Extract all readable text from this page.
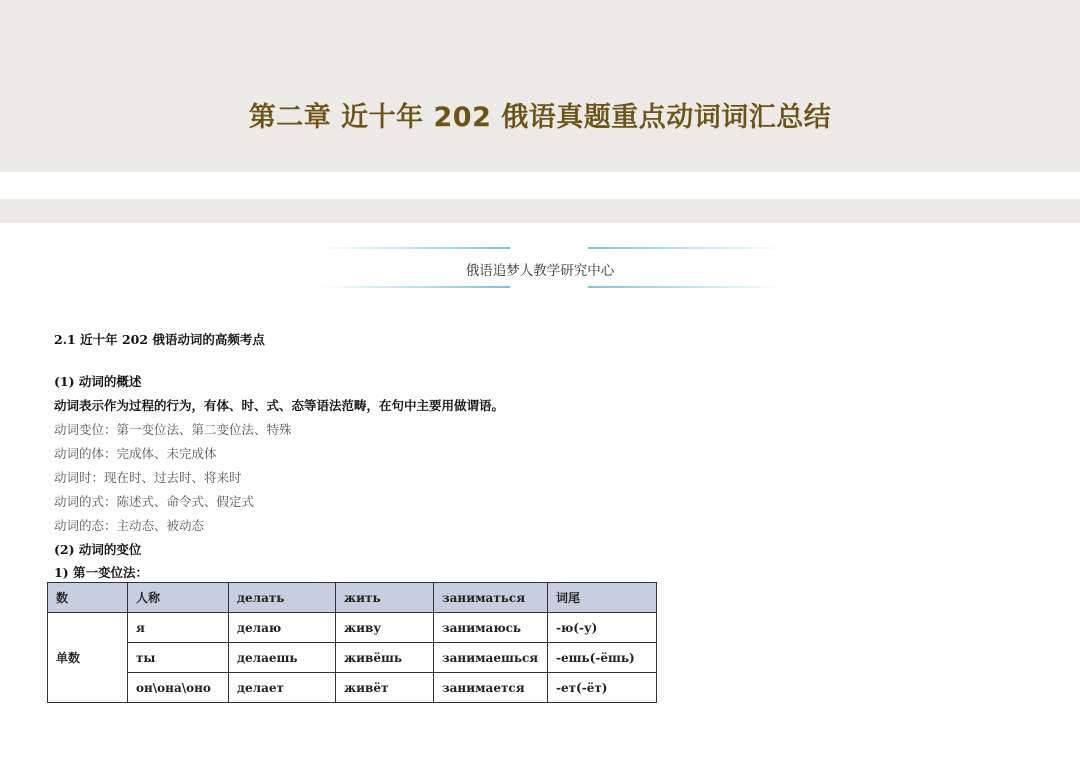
第二章 近十年 202 俄语真题重点动词词汇总结
俄语追梦人教学研究中心
2.1 近十年 202 俄语动词的高频考点
(1) 动词的概述
动词表示作为过程的行为，有体、时、式、态等语法范畴，在句中主要用做谓语。
动词变位：第一变位法、第二变位法、特殊
动词的体：完成体、未完成体
动词时：现在时、过去时、将来时
动词的式：陈述式、命令式、假定式
动词的态：主动态、被动态
(2) 动词的变位
1) 第一变位法：
数	人称	делать	жить	заниматься	词尾
单数	я	делаю	живу	занимаюсь	-ю(-у)
	ты	делаешь	живёшь	занимаешься	-ешь(-ёшь)
	он\она\оно	делает	живёт	занимается	-ет(-ёт)
